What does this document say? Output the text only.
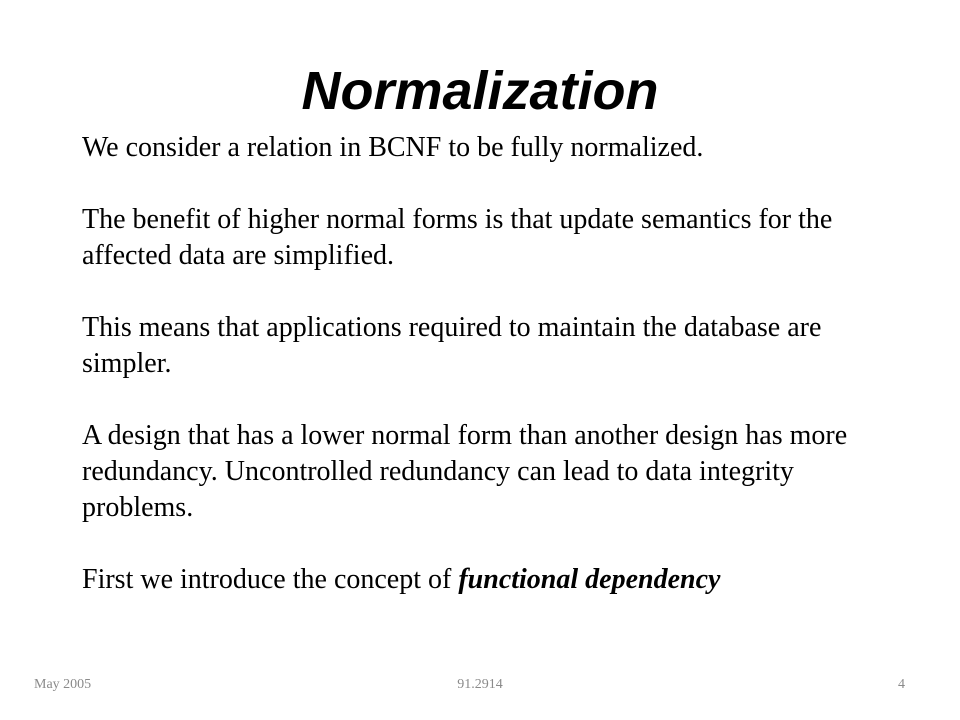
Normalization

We consider a relation in BCNF to be fully normalized.

The benefit of higher normal forms is that update semantics for the affected data are simplified.

This means that applications required to maintain the database are simpler.

A design that has a lower normal form than another design has more redundancy. Uncontrolled redundancy can lead to data integrity problems.

First we introduce the concept of functional dependency

May 2005	91.2914	4
